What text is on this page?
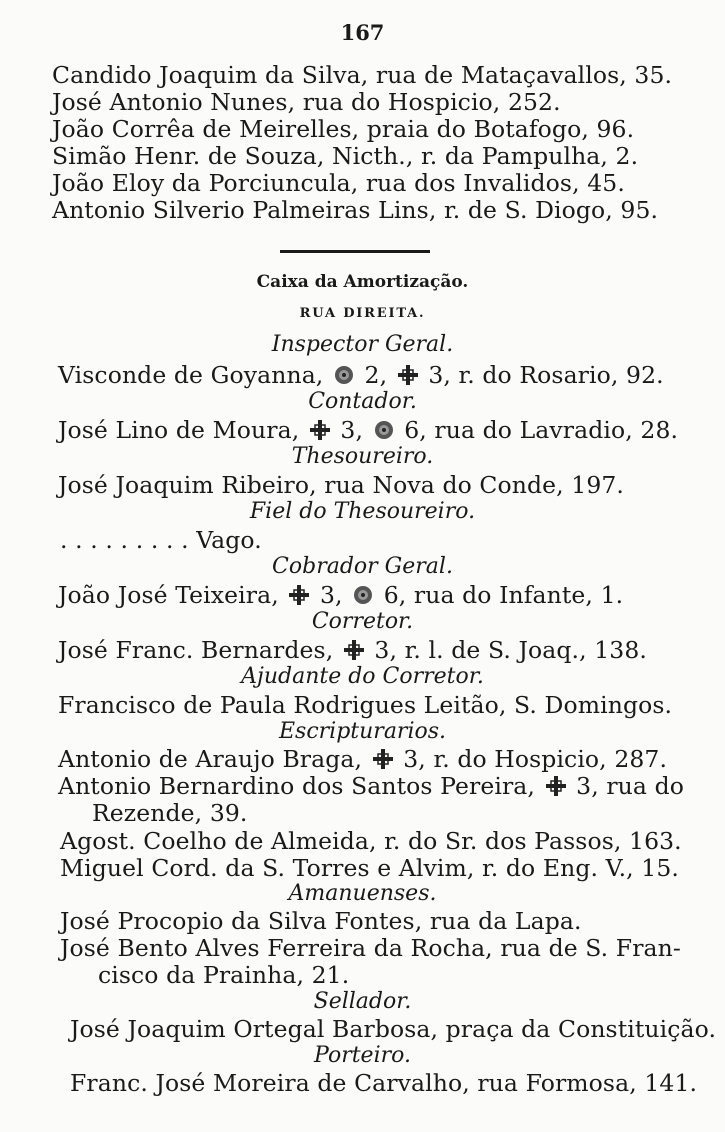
167
Candido Joaquim da Silva, rua de Mataçavallos, 35.
José Antonio Nunes, rua do Hospicio, 252.
João Corrêa de Meirelles, praia do Botafogo, 96.
Simão Henr. de Souza, Nicth., r. da Pampulha, 2.
João Eloy da Porciuncula, rua dos Invalidos, 45.
Antonio Silverio Palmeiras Lins, r. de S. Diogo, 95.
Caixa da Amortização.
RUA DIREITA.
Inspector Geral.
Visconde de Goyanna, 2, 3, r. do Rosario, 92.
Contador.
José Lino de Moura, 3, 6, rua do Lavradio, 28.
Thesoureiro.
José Joaquim Ribeiro, rua Nova do Conde, 197.
Fiel do Thesoureiro.
. . . . . . . . . Vago.
Cobrador Geral.
João José Teixeira, 3, 6, rua do Infante, 1.
Corretor.
José Franc. Bernardes, 3, r. l. de S. Joaq., 138.
Ajudante do Corretor.
Francisco de Paula Rodrigues Leitão, S. Domingos.
Escripturarios.
Antonio de Araujo Braga, 3, r. do Hospicio, 287.
Antonio Bernardino dos Santos Pereira, 3, rua do
Rezende, 39.
Agost. Coelho de Almeida, r. do Sr. dos Passos, 163.
Miguel Cord. da S. Torres e Alvim, r. do Eng. V., 15.
Amanuenses.
José Procopio da Silva Fontes, rua da Lapa.
José Bento Alves Ferreira da Rocha, rua de S. Fran-
cisco da Prainha, 21.
Sellador.
José Joaquim Ortegal Barbosa, praça da Constituição.
Porteiro.
Franc. José Moreira de Carvalho, rua Formosa, 141.
